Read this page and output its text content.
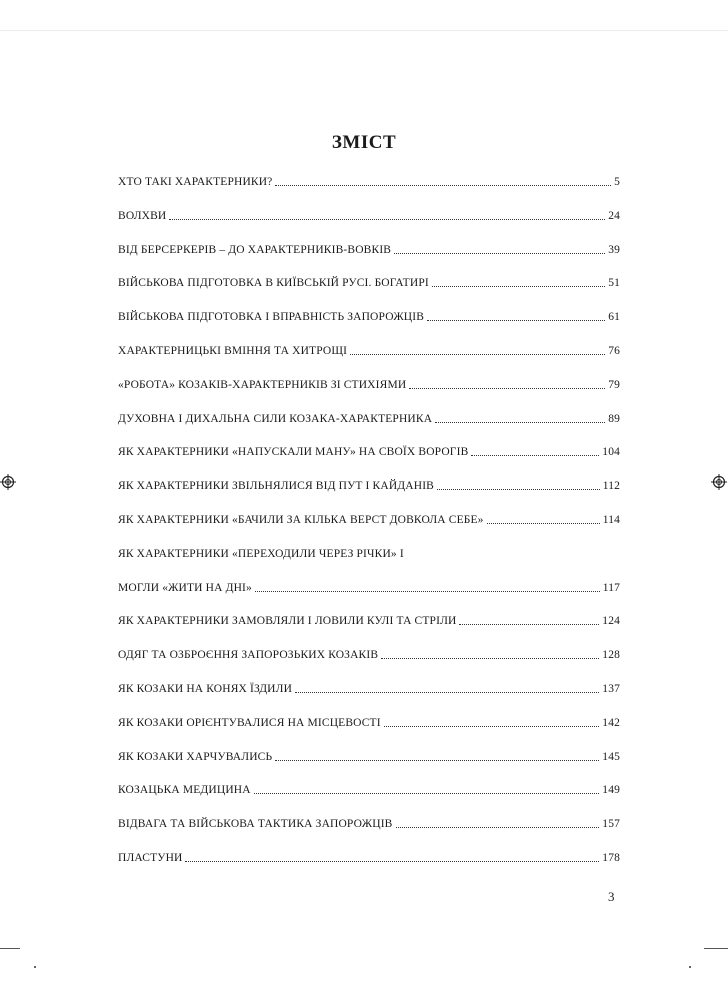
ЗМІСТ
ХТО ТАКІ ХАРАКТЕРНИКИ?	5
ВОЛХВИ	24
ВІД БЕРСЕРКЕРІВ – ДО ХАРАКТЕРНИКІВ-ВОВКІВ	39
ВІЙСЬКОВА ПІДГОТОВКА В КИЇВСЬКІЙ РУСІ. БОГАТИРІ	51
ВІЙСЬКОВА ПІДГОТОВКА І ВПРАВНІСТЬ ЗАПОРОЖЦІВ	61
ХАРАКТЕРНИЦЬКІ ВМІННЯ ТА ХИТРОЩІ	76
«РОБОТА» КОЗАКІВ-ХАРАКТЕРНИКІВ ЗІ СТИХІЯМИ	79
ДУХОВНА І ДИХАЛЬНА СИЛИ КОЗАКА-ХАРАКТЕРНИКА	89
ЯК ХАРАКТЕРНИКИ «НАПУСКАЛИ МАНУ» НА СВОЇХ ВОРОГІВ	104
ЯК ХАРАКТЕРНИКИ ЗВІЛЬНЯЛИСЯ ВІД ПУТ І КАЙДАНІВ	112
ЯК ХАРАКТЕРНИКИ «БАЧИЛИ ЗА КІЛЬКА ВЕРСТ ДОВКОЛА СЕБЕ»	114
ЯК ХАРАКТЕРНИКИ «ПЕРЕХОДИЛИ ЧЕРЕЗ РІЧКИ» І
МОГЛИ «ЖИТИ НА ДНІ»	117
ЯК ХАРАКТЕРНИКИ ЗАМОВЛЯЛИ І ЛОВИЛИ КУЛІ ТА СТРІЛИ	124
ОДЯГ ТА ОЗБРОЄННЯ ЗАПОРОЗЬКИХ КОЗАКІВ	128
ЯК КОЗАКИ НА КОНЯХ ЇЗДИЛИ	137
ЯК КОЗАКИ ОРІЄНТУВАЛИСЯ НА МІСЦЕВОСТІ	142
ЯК КОЗАКИ ХАРЧУВАЛИСЬ	145
КОЗАЦЬКА МЕДИЦИНА	149
ВІДВАГА ТА ВІЙСЬКОВА ТАКТИКА ЗАПОРОЖЦІВ	157
ПЛАСТУНИ	178
3
